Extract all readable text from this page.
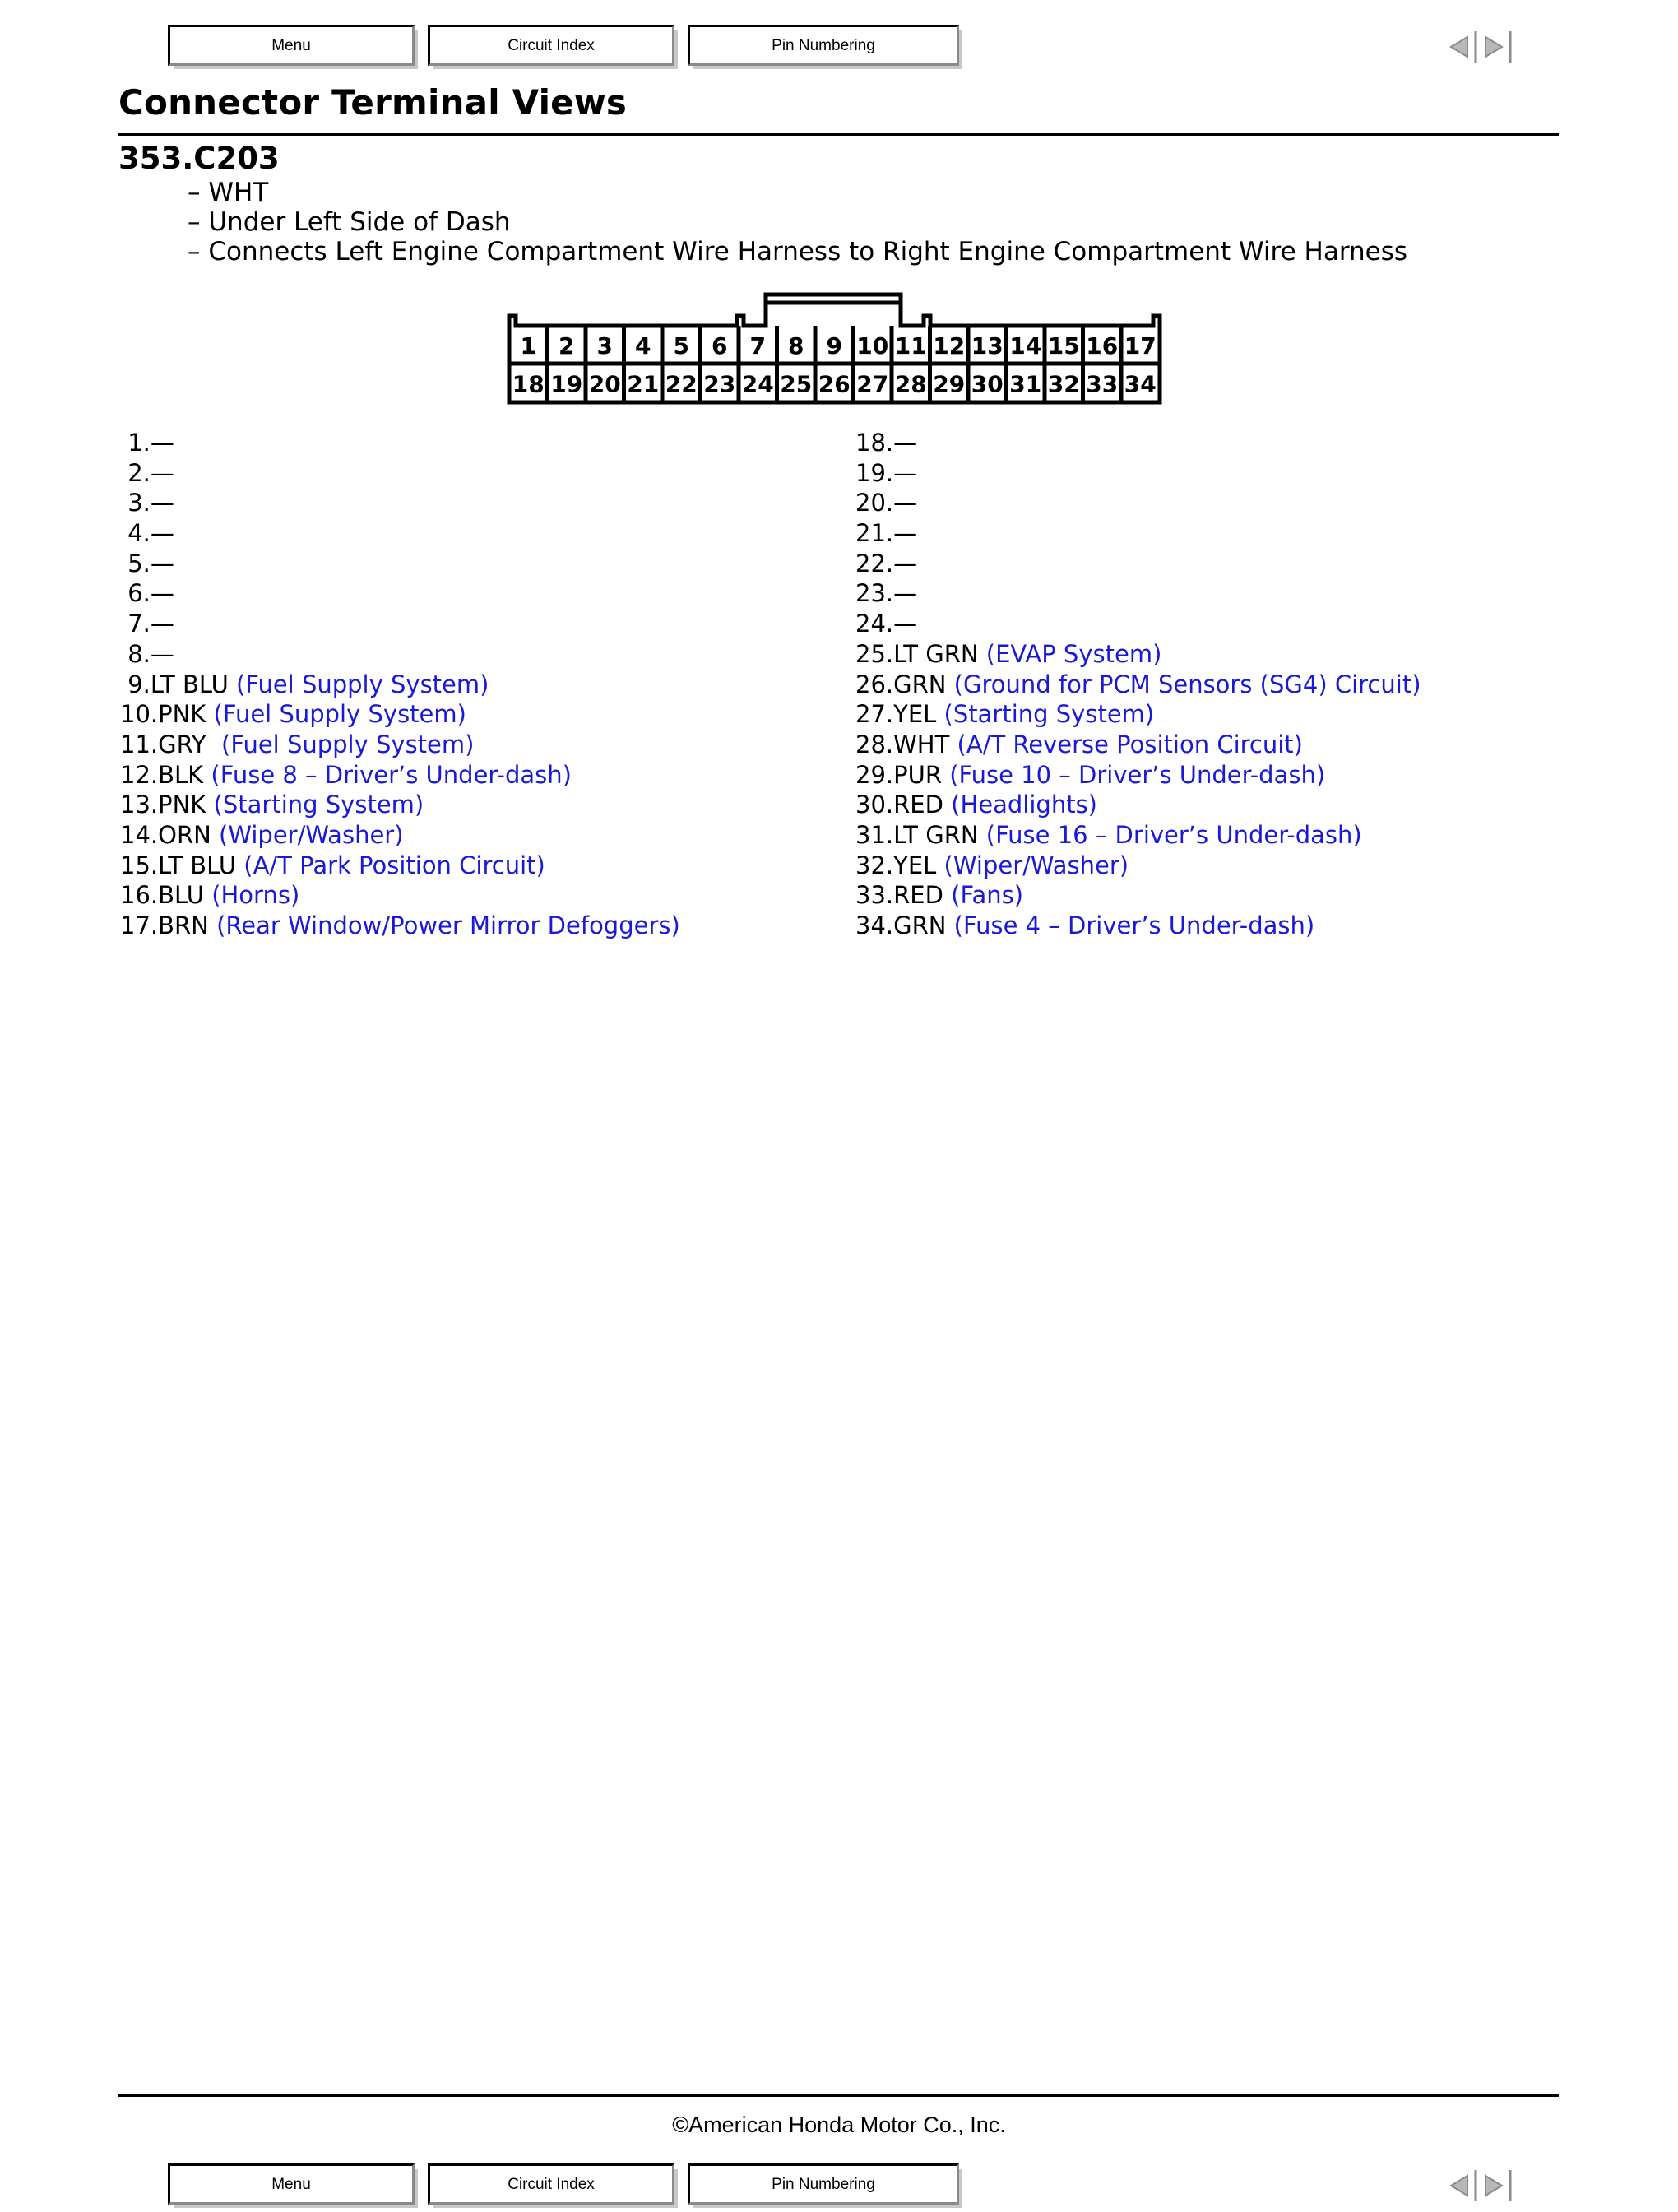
Menu	Circuit Index	Pin Numbering
Connector Terminal Views
353.C203
– WHT
– Under Left Side of Dash
– Connects Left Engine Compartment Wire Harness to Right Engine Compartment Wire Harness
1 2 3 4 5 6 7 8 9 10 11 12 13 14 15 16 17
18 19 20 21 22 23 24 25 26 27 28 29 30 31 32 33 34
1.—
2.—
3.—
4.—
5.—
6.—
7.—
8.—
9.LT BLU (Fuel Supply System)
10.PNK (Fuel Supply System)
11.GRY  (Fuel Supply System)
12.BLK (Fuse 8 – Driver’s Under-dash)
13.PNK (Starting System)
14.ORN (Wiper/Washer)
15.LT BLU (A/T Park Position Circuit)
16.BLU (Horns)
17.BRN (Rear Window/Power Mirror Defoggers)
18.—
19.—
20.—
21.—
22.—
23.—
24.—
25.LT GRN (EVAP System)
26.GRN (Ground for PCM Sensors (SG4) Circuit)
27.YEL (Starting System)
28.WHT (A/T Reverse Position Circuit)
29.PUR (Fuse 10 – Driver’s Under-dash)
30.RED (Headlights)
31.LT GRN (Fuse 16 – Driver’s Under-dash)
32.YEL (Wiper/Washer)
33.RED (Fans)
34.GRN (Fuse 4 – Driver’s Under-dash)
©American Honda Motor Co., Inc.
Menu	Circuit Index	Pin Numbering
